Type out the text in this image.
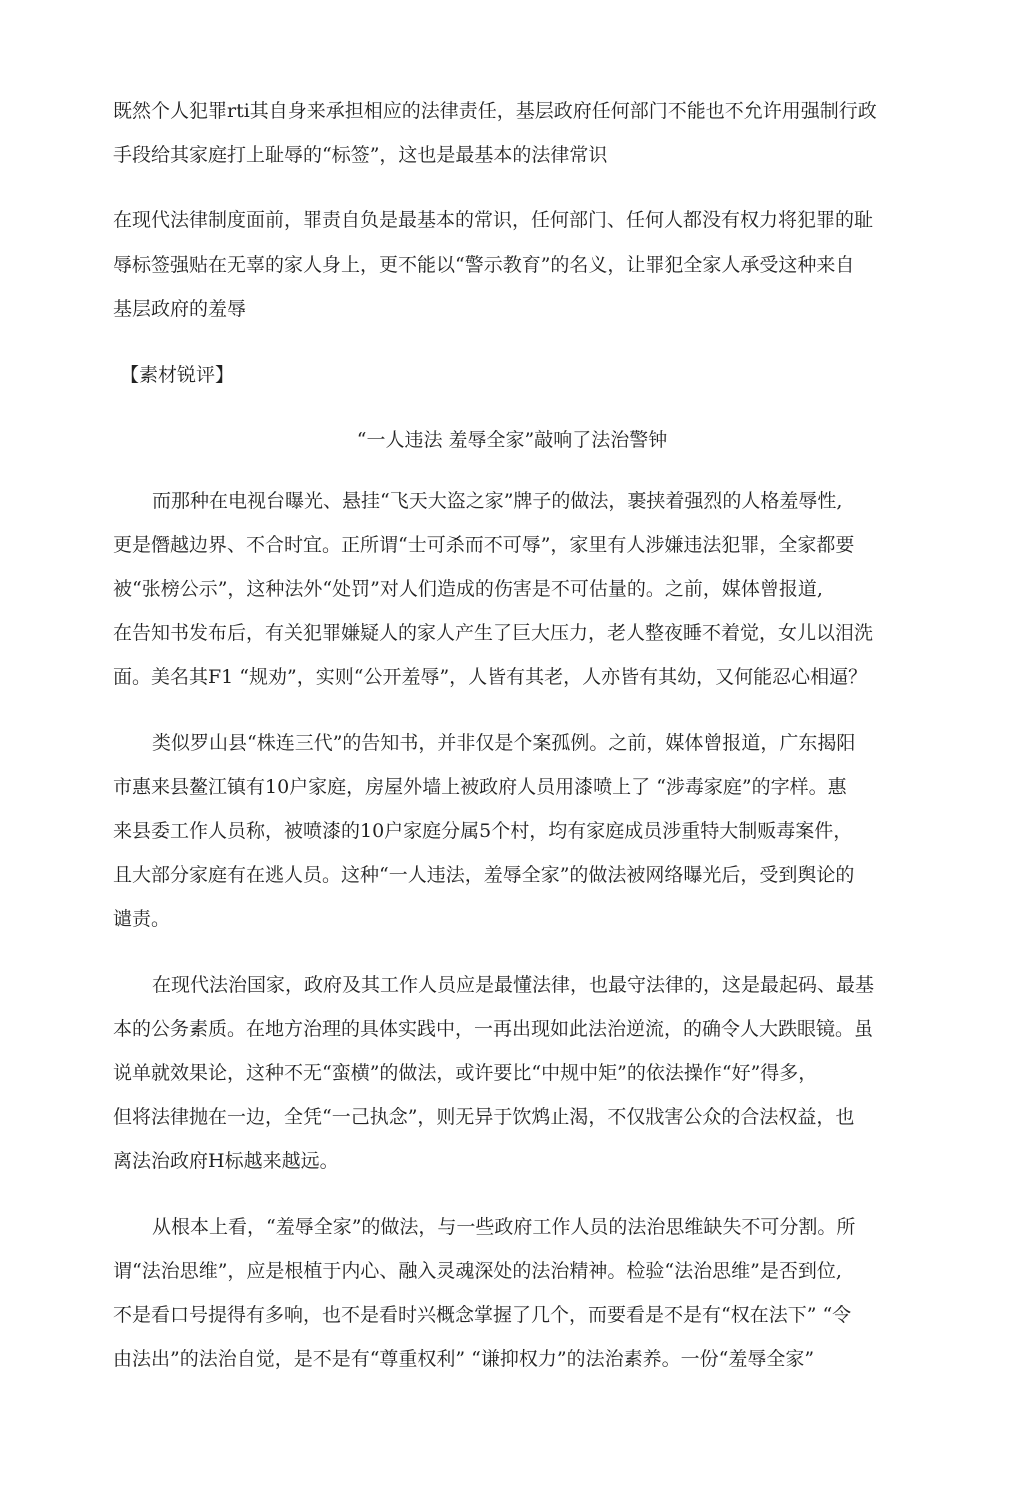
既然个人犯罪rti其自身来承担相应的法律责任，基层政府任何部门不能也不允许用强制行政
手段给其家庭打上耻辱的“标签”，这也是最基本的法律常识
在现代法律制度面前，罪责自负是最基本的常识，任何部门、任何人都没有权力将犯罪的耻
辱标签强贴在无辜的家人身上，更不能以“警示教育”的名义，让罪犯全家人承受这种来自
基层政府的羞辱
【素材锐评】
“一人违法 羞辱全家”敲响了法治警钟
而那种在电视台曝光、悬挂“飞天大盗之家”牌子的做法，裹挟着强烈的人格羞辱性,
更是僭越边界、不合时宜。正所谓“士可杀而不可辱”，家里有人涉嫌违法犯罪，全家都要
被“张榜公示”，这种法外“处罚”对人们造成的伤害是不可估量的。之前，媒体曾报道,
在告知书发布后，有关犯罪嫌疑人的家人产生了巨大压力，老人整夜睡不着觉，女儿以泪洗
面。美名其F1 “规劝”，实则“公开羞辱”，人皆有其老，人亦皆有其幼，又何能忍心相逼？
类似罗山县“株连三代”的告知书，并非仅是个案孤例。之前，媒体曾报道，广东揭阳
市惠来县鳌江镇有10户家庭，房屋外墙上被政府人员用漆喷上了 “涉毒家庭”的字样。惠
来县委工作人员称，被喷漆的10户家庭分属5个村，均有家庭成员涉重特大制贩毒案件，
且大部分家庭有在逃人员。这种“一人违法，羞辱全家”的做法被网络曝光后，受到舆论的
谴责。
在现代法治国家，政府及其工作人员应是最懂法律，也最守法律的，这是最起码、最基
本的公务素质。在地方治理的具体实践中，一再出现如此法治逆流，的确令人大跌眼镜。虽
说单就效果论，这种不无“蛮横”的做法，或许要比“中规中矩”的依法操作“好”得多，
但将法律抛在一边，全凭“一己执念”，则无异于饮鸩止渴，不仅戕害公众的合法权益，也
离法治政府H标越来越远。
从根本上看，“羞辱全家”的做法，与一些政府工作人员的法治思维缺失不可分割。所
谓“法治思维”，应是根植于内心、融入灵魂深处的法治精神。检验“法治思维”是否到位,
不是看口号提得有多响，也不是看时兴概念掌握了几个，而要看是不是有“权在法下” “令
由法出”的法治自觉，是不是有“尊重权利” “谦抑权力”的法治素养。一份“羞辱全家”
